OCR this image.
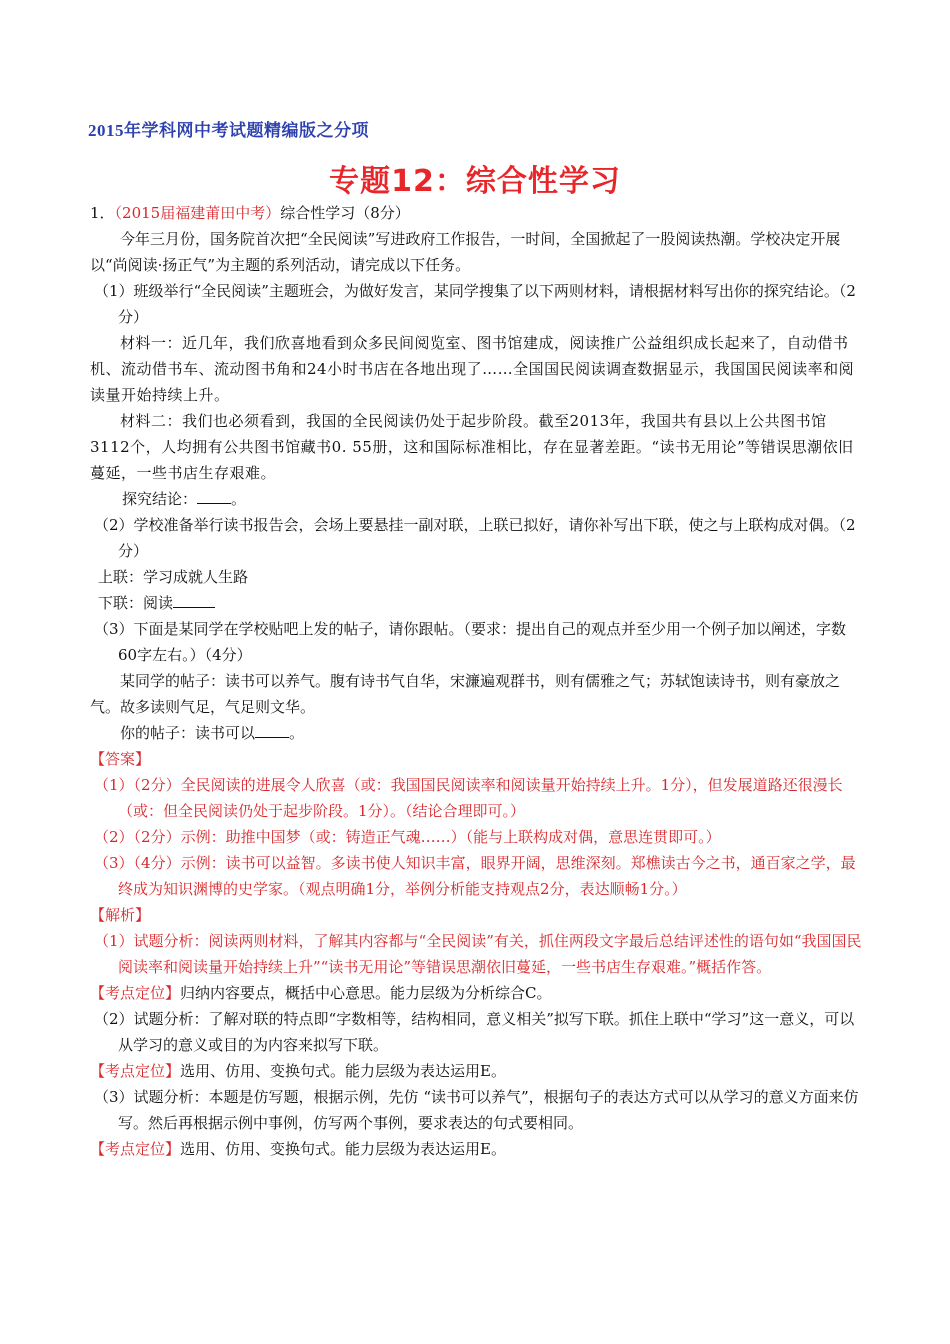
2015年学科网中考试题精编版之分项
专题12：综合性学习

1．（2015届福建莆田中考）综合性学习（8分）

今年三月份，国务院首次把“全民阅读”写进政府工作报告，一时间，全国掀起了一股阅读热潮。学校决定开展以“尚阅读·扬正气”为主题的系列活动，请完成以下任务。

（1）班级举行“全民阅读”主题班会，为做好发言，某同学搜集了以下两则材料，请根据材料写出你的探究结论。（2分）

材料一：近几年，我们欣喜地看到众多民间阅览室、图书馆建成，阅读推广公益组织成长起来了，自动借书机、流动借书车、流动图书角和24小时书店在各地出现了……全国国民阅读调查数据显示，我国国民阅读率和阅读量开始持续上升。

材料二：我们也必须看到，我国的全民阅读仍处于起步阶段。截至2013年，我国共有县以上公共图书馆3112个，人均拥有公共图书馆藏书0. 55册，这和国际标准相比，存在显著差距。“读书无用论”等错误思潮依旧蔓延，一些书店生存艰难。

探究结论： 。

（2）学校准备举行读书报告会，会场上要悬挂一副对联，上联已拟好，请你补写出下联，使之与上联构成对偶。（2分）

上联：学习成就人生路

下联：阅读

（3）下面是某同学在学校贴吧上发的帖子，请你跟帖。（要求：提出自己的观点并至少用一个例子加以阐述，字数60字左右。）（4分）

某同学的帖子：读书可以养气。腹有诗书气自华，宋濂遍观群书，则有儒雅之气；苏轼饱读诗书，则有豪放之气。故多读则气足，气足则文华。

你的帖子：读书可以 。

【答案】

（1）（2分）全民阅读的进展令人欣喜（或：我国国民阅读率和阅读量开始持续上升。1分），但发展道路还很漫长（或：但全民阅读仍处于起步阶段。1分）。（结论合理即可。）

（2）（2分）示例：助推中国梦（或：铸造正气魂……）（能与上联构成对偶，意思连贯即可。）

（3）（4分）示例：读书可以益智。多读书使人知识丰富，眼界开阔，思维深刻。郑樵读古今之书，通百家之学，最终成为知识渊博的史学家。（观点明确1分，举例分析能支持观点2分，表达顺畅1分。）

【解析】

（1）试题分析：阅读两则材料，了解其内容都与“全民阅读”有关，抓住两段文字最后总结评述性的语句如“我国国民阅读率和阅读量开始持续上升”“读书无用论”等错误思潮依旧蔓延，一些书店生存艰难。”概括作答。

【考点定位】归纳内容要点，概括中心意思。能力层级为分析综合C。

（2）试题分析：了解对联的特点即“字数相等，结构相同，意义相关”拟写下联。抓住上联中“学习”这一意义，可以从学习的意义或目的为内容来拟写下联。

【考点定位】选用、仿用、变换句式。能力层级为表达运用E。

（3）试题分析：本题是仿写题，根据示例，先仿 “读书可以养气”，根据句子的表达方式可以从学习的意义方面来仿写。然后再根据示例中事例，仿写两个事例，要求表达的句式要相同。

【考点定位】选用、仿用、变换句式。能力层级为表达运用E。
